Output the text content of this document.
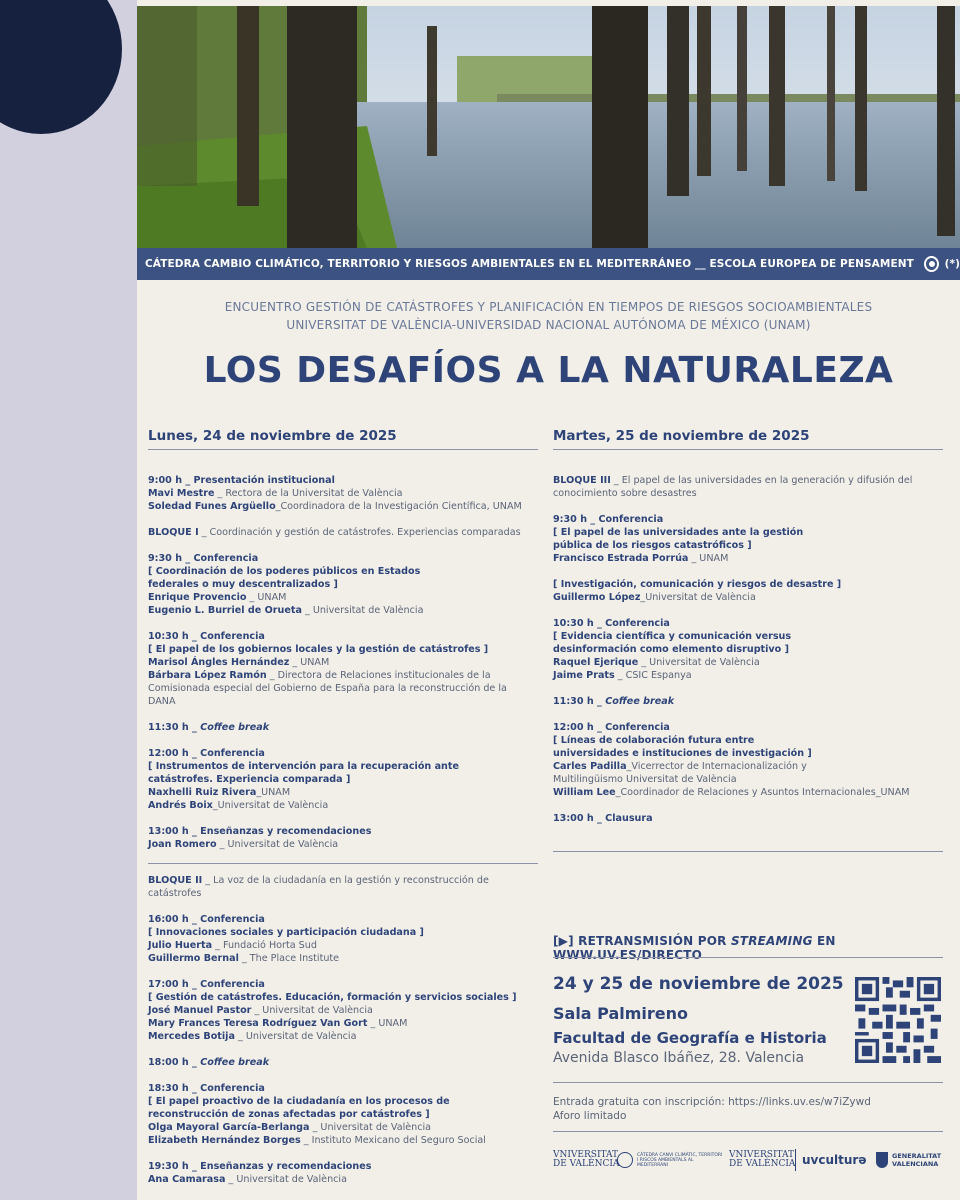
CÁTEDRA CAMBIO CLIMÁTICO, TERRITORIO Y RIESGOS AMBIENTALES EN EL MEDITERRÁNEO __ ESCOLA EUROPEA DE PENSAMENT	(*)
ENCUENTRO GESTIÓN DE CATÁSTROFES Y PLANIFICACIÓN EN TIEMPOS DE RIESGOS SOCIOAMBIENTALES
UNIVERSITAT DE VALÈNCIA-UNIVERSIDAD NACIONAL AUTÓNOMA DE MÉXICO (UNAM)
LOS DESAFÍOS A LA NATURALEZA
Lunes, 24 de noviembre de 2025
9:00 h _ Presentación institucional
Mavi Mestre _ Rectora de la Universitat de València
Soledad Funes Argüello_Coordinadora de la Investigación Científica, UNAM
BLOQUE I _ Coordinación y gestión de catástrofes. Experiencias comparadas
9:30 h _ Conferencia
[ Coordinación de los poderes públicos en Estados federales o muy descentralizados ]
Enrique Provencio _ UNAM
Eugenio L. Burriel de Orueta _ Universitat de València
10:30 h _ Conferencia
[ El papel de los gobiernos locales y la gestión de catástrofes ]
Marisol Ángles Hernández _ UNAM
Bárbara López Ramón _ Directora de Relaciones institucionales de la Comisionada especial del Gobierno de España para la reconstrucción de la DANA
11:30 h _ Coffee break
12:00 h _ Conferencia
[ Instrumentos de intervención para la recuperación ante catástrofes. Experiencia comparada ]
Naxhelli Ruiz Rivera_UNAM
Andrés Boix_Universitat de València
13:00 h _ Enseñanzas y recomendaciones
Joan Romero _ Universitat de València
BLOQUE II _ La voz de la ciudadanía en la gestión y reconstrucción de catástrofes
16:00 h _ Conferencia
[ Innovaciones sociales y participación ciudadana ]
Julio Huerta _ Fundació Horta Sud
Guillermo Bernal _ The Place Institute
17:00 h _ Conferencia
[ Gestión de catástrofes. Educación, formación y servicios sociales ]
José Manuel Pastor _ Universitat de València
Mary Frances Teresa Rodríguez Van Gort _ UNAM
Mercedes Botija _ Universitat de València
18:00 h _ Coffee break
18:30 h _ Conferencia
[ El papel proactivo de la ciudadanía en los procesos de reconstrucción de zonas afectadas por catástrofes ]
Olga Mayoral García-Berlanga _ Universitat de València
Elizabeth Hernández Borges _ Instituto Mexicano del Seguro Social
19:30 h _ Enseñanzas y recomendaciones
Ana Camarasa _ Universitat de València
Martes, 25 de noviembre de 2025
BLOQUE III _ El papel de las universidades en la generación y difusión del conocimiento sobre desastres
9:30 h _ Conferencia
[ El papel de las universidades ante la gestión pública de los riesgos catastróficos ]
Francisco Estrada Porrúa _ UNAM
[ Investigación, comunicación y riesgos de desastre ]
Guillermo López_Universitat de València
10:30 h _ Conferencia
[ Evidencia científica y comunicación versus desinformación como elemento disruptivo ]
Raquel Ejerique _ Universitat de València
Jaime Prats _ CSIC Espanya
11:30 h _ Coffee break
12:00 h _ Conferencia
[ Líneas de colaboración futura entre universidades e instituciones de investigación ]
Carles Padilla_Vicerrector de Internacionalización y Multilingüismo Universitat de València
William Lee_Coordinador de Relaciones y Asuntos Internacionales_UNAM
13:00 h _ Clausura
[▶] RETRANSMISIÓN POR STREAMING EN WWW.UV.ES/DIRECTO
24 y 25 de noviembre de 2025
Sala Palmireno
Facultad de Geografía e Historia
Avenida Blasco Ibáñez, 28. Valencia
Entrada gratuita con inscripción: https://links.uv.es/w7iZywd
Aforo limitado
VNIVERSITAT
DE VALÈNCIA
CÀTEDRA CANVI CLIMÀTIC, TERRITORI I RISCOS AMBIENTALS AL MEDITERRANI
VNIVERSITAT
DE VALÈNCIA uvculturə	GENERALITAT
VALENCIANA
